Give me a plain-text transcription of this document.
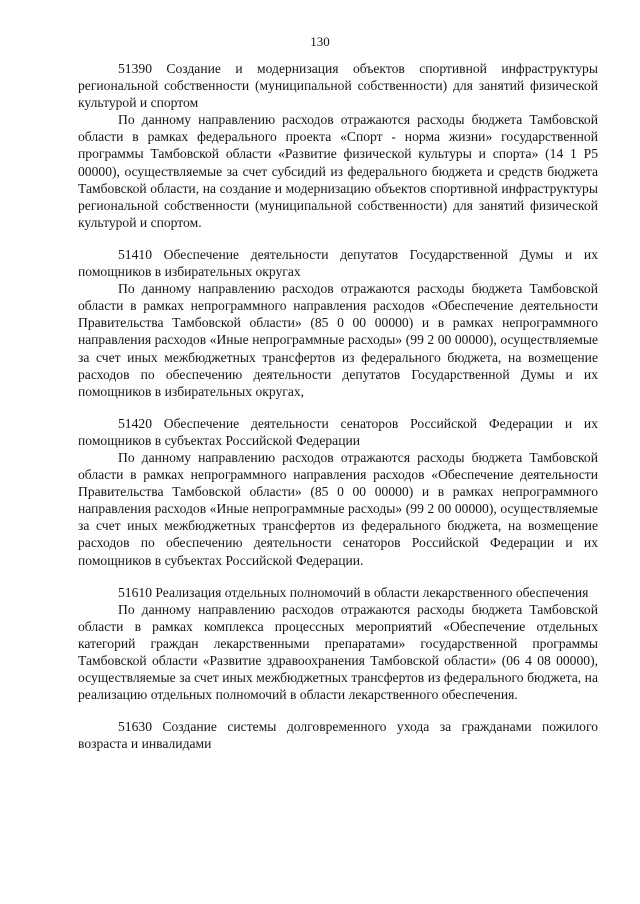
130

51390 Создание и модернизация объектов спортивной инфраструктуры региональной собственности (муниципальной собственности) для занятий физической культурой и спортом

По данному направлению расходов отражаются расходы бюджета Тамбовской области в рамках федерального проекта «Спорт - норма жизни» государственной программы Тамбовской области «Развитие физической культуры и спорта» (14 1 Р5 00000), осуществляемые за счет субсидий из федерального бюджета и средств бюджета Тамбовской области, на создание и модернизацию объектов спортивной инфраструктуры региональной собственности (муниципальной собственности) для занятий физической культурой и спортом.

51410 Обеспечение деятельности депутатов Государственной Думы и их помощников в избирательных округах

По данному направлению расходов отражаются расходы бюджета Тамбовской области в рамках непрограммного направления расходов «Обеспечение деятельности Правительства Тамбовской области» (85 0 00 00000) и в рамках непрограммного направления расходов «Иные непрограммные расходы» (99 2 00 00000), осуществляемые за счет иных межбюджетных трансфертов из федерального бюджета, на возмещение расходов по обеспечению деятельности депутатов Государственной Думы и их помощников в избирательных округах,

51420 Обеспечение деятельности сенаторов Российской Федерации и их помощников в субъектах Российской Федерации

По данному направлению расходов отражаются расходы бюджета Тамбовской области в рамках непрограммного направления расходов «Обеспечение деятельности Правительства Тамбовской области» (85 0 00 00000) и в рамках непрограммного направления расходов «Иные непрограммные расходы» (99 2 00 00000), осуществляемые за счет иных межбюджетных трансфертов из федерального бюджета, на возмещение расходов по обеспечению деятельности сенаторов Российской Федерации и их помощников в субъектах Российской Федерации.

51610 Реализация отдельных полномочий в области лекарственного обеспечения

По данному направлению расходов отражаются расходы бюджета Тамбовской области в рамках комплекса процессных мероприятий «Обеспечение отдельных категорий граждан лекарственными препаратами» государственной программы Тамбовской области «Развитие здравоохранения Тамбовской области» (06 4 08 00000), осуществляемые за счет иных межбюджетных трансфертов из федерального бюджета, на реализацию отдельных полномочий в области лекарственного обеспечения.

51630 Создание системы долговременного ухода за гражданами пожилого возраста и инвалидами
